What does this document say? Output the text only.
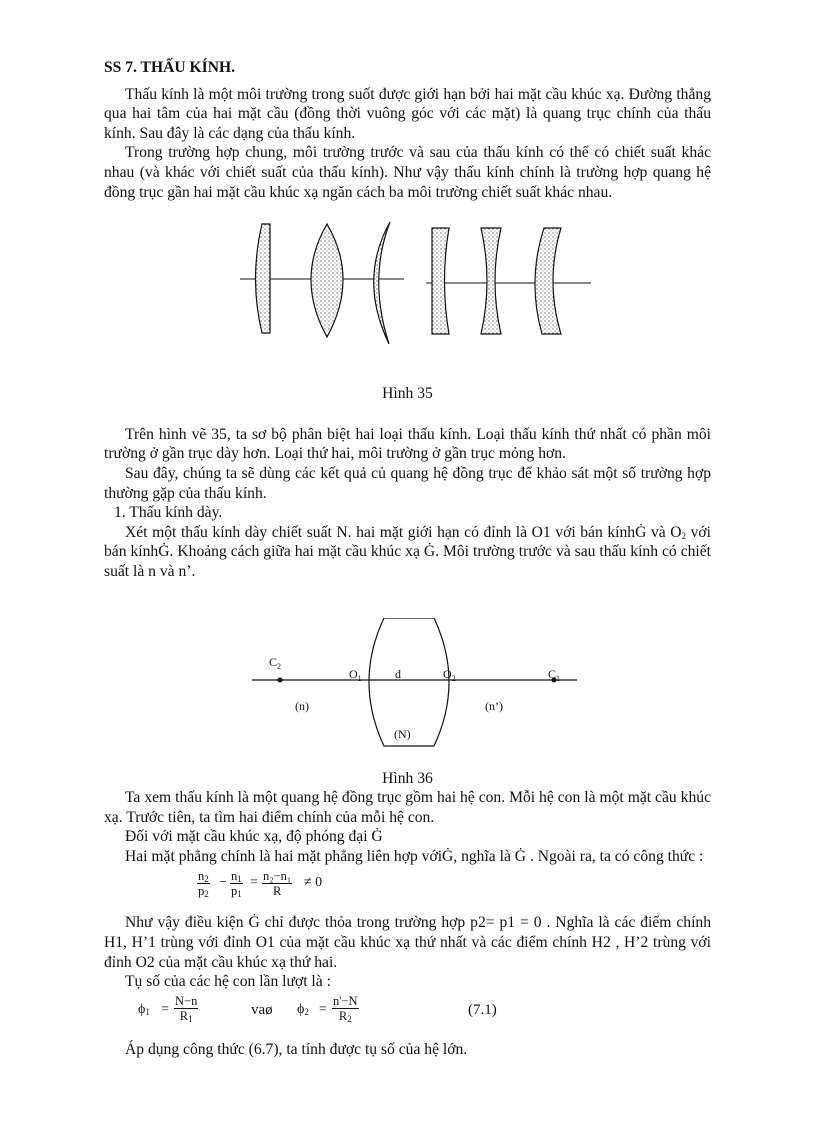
SS 7. THẤU KÍNH.

Thấu kính là một môi trường trong suốt được giới hạn bởi hai mặt cầu khúc xạ. Đường thẳng qua hai tâm của hai mặt cầu (đồng thời vuông góc với các mặt) là quang trục chính của thấu kính. Sau đây là các dạng của thấu kính.

Trong trường hợp chung, môi trường trước và sau của thấu kính có thể có chiết suất khác nhau (và khác với chiết suất của thấu kính). Như vậy thấu kính chính là trường hợp quang hệ đồng trục gần hai mặt cầu khúc xạ ngăn cách ba môi trường chiết suất khác nhau.

Hình 35

Trên hình vẽ 35, ta sơ bộ phân biệt hai loại thấu kính. Loại thấu kính thứ nhất có phần môi trường ở gần trục dày hơn. Loại thứ hai, môi trường ở gần trục mỏng hơn.

Sau đây, chúng ta sẽ dùng các kết quả củ quang hệ đồng trục để khảo sát một số trường hợp thường gặp của thấu kính.

1. Thấu kính dày.

Xét một thấu kính dày chiết suất N. hai mặt giới hạn có đỉnh là O1 với bán kínhĠ và $O_2$ với bán kínhĠ. Khoảng cách giữa hai mặt cầu khúc xạ Ġ. Môi trường trước và sau thấu kính có chiết suất là n và n’.

$C_2$
$O_1$	d	$O_2$	$C_1$
(n)	(n’)
(N)
Hình 36

Ta xem thấu kính là một quang hệ đồng trục gồm hai hệ con. Mỗi hệ con là một mặt cầu khúc xạ. Trước tiên, ta tìm hai điểm chính của mỗi hệ con.

Đối với mặt cầu khúc xạ, độ phóng đại Ġ

Hai mặt phẳng chính là hai mặt phẳng liên hợp vớiĠ, nghĩa là Ġ . Ngoài ra, ta có công thức :

$\frac{n_2}{p_2} - \frac{n_1}{p_1} = \frac{\text{n₂−n₁}}{R} \ne 0$

Như vậy điều kiện Ġ chỉ được thỏa trong trường hợp p2= p1 = 0 . Nghĩa là các điểm chính H1, H’1 trùng với đỉnh O1 của mặt cầu khúc xạ thứ nhất và các điểm chính H2 , H’2 trùng với đỉnh O2 của mặt cầu khúc xạ thứ hai.

Tụ số của các hệ con lần lượt là :

$\phi_1 = \frac{N-n}{R_1}$	vaø $\phi_2 = \frac{n'-N}{R_2}$	(7.1)

Áp dụng công thức (6.7), ta tính được tụ số của hệ lớn.
